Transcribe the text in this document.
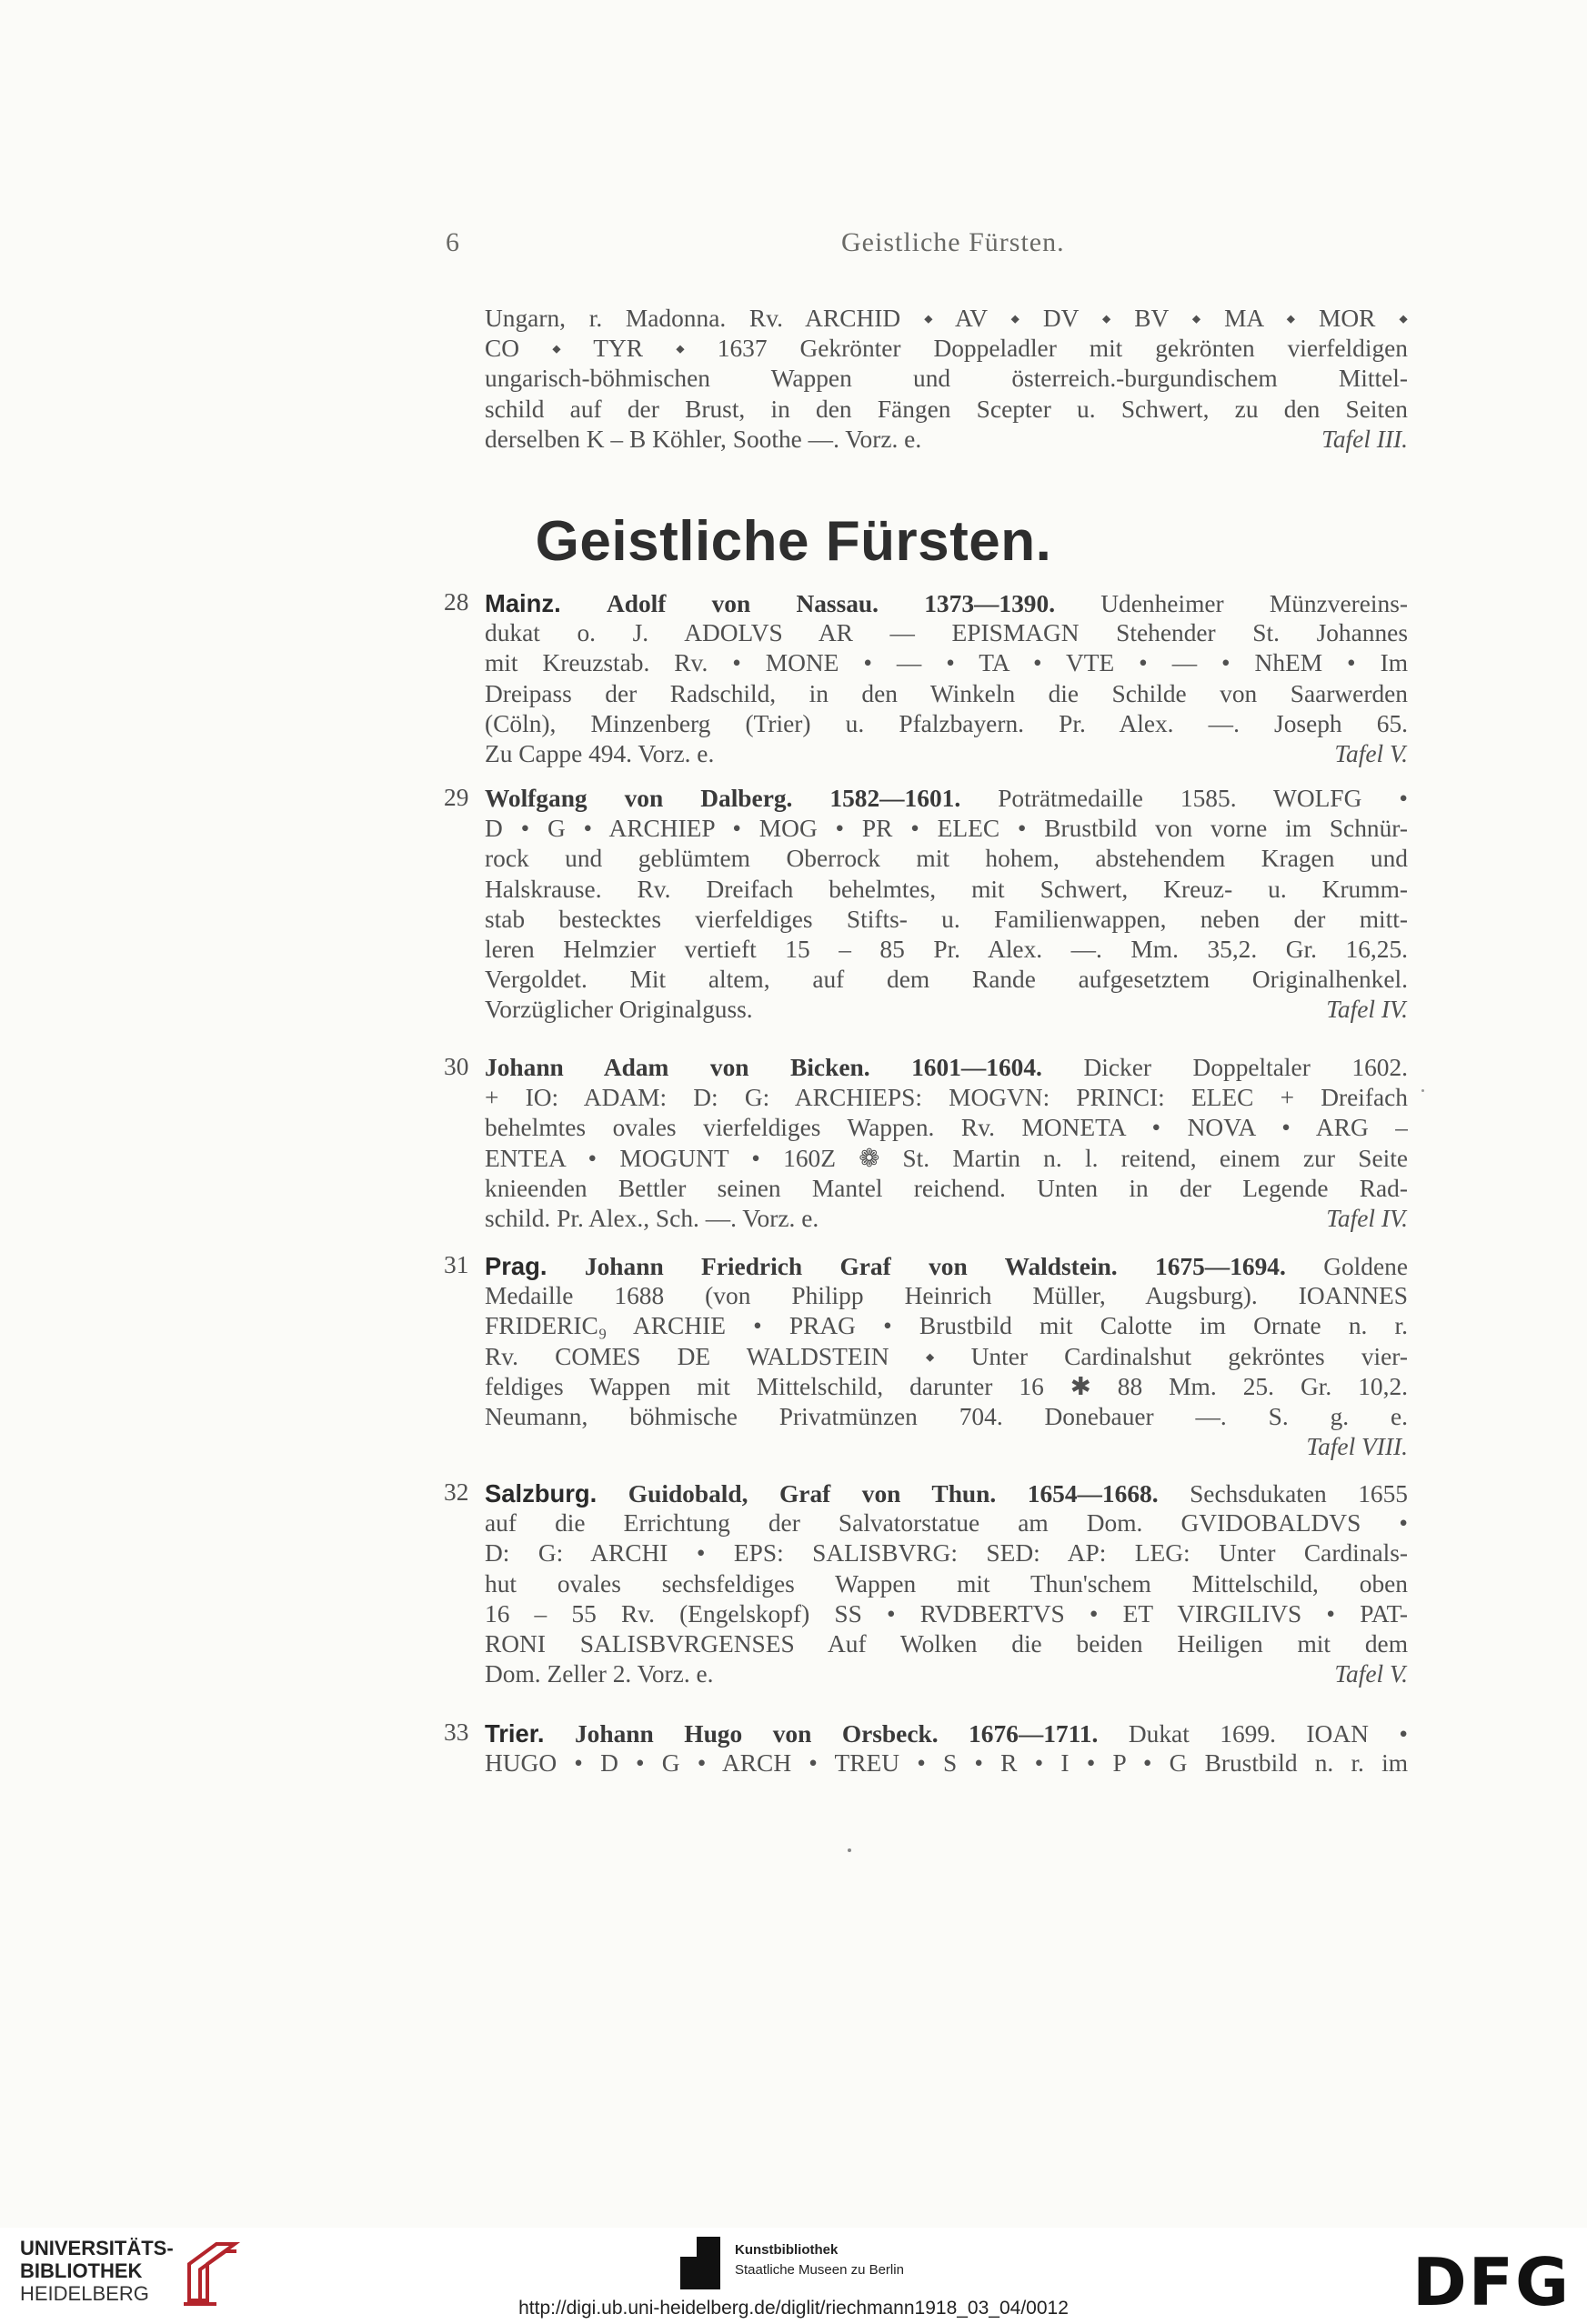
6	Geistliche Fürsten.
Ungarn, r. Madonna. Rv. ARCHID ⬩ AV ⬩ DV ⬩ BV ⬩ MA ⬩ MOR ⬩
CO ⬩ TYR ⬩ 1637 Gekrönter Doppeladler mit gekrönten vierfeldigen
ungarisch-böhmischen Wappen und österreich.-burgundischem Mittel-
schild auf der Brust, in den Fängen Scepter u. Schwert, zu den Seiten
derselben K – B Köhler, Soothe —. Vorz. e.	Tafel III.
Geistliche Fürsten.
28 Mainz. Adolf von Nassau. 1373—1390. Udenheimer Münzvereins-
dukat o. J. ADOLVS AR — EPISMAGN Stehender St. Johannes
mit Kreuzstab. Rv. • MONE • — • TA • VTE • — • NhEM • Im
Dreipass der Radschild, in den Winkeln die Schilde von Saarwerden
(Cöln), Minzenberg (Trier) u. Pfalzbayern. Pr. Alex. —. Joseph 65.
Zu Cappe 494. Vorz. e.	Tafel V.
29 Wolfgang von Dalberg. 1582—1601. Poträtmedaille 1585. WOLFG •
D • G • ARCHIEP • MOG • PR • ELEC • Brustbild von vorne im Schnür-
rock und geblümtem Oberrock mit hohem, abstehendem Kragen und
Halskrause. Rv. Dreifach behelmtes, mit Schwert, Kreuz- u. Krumm-
stab bestecktes vierfeldiges Stifts- u. Familienwappen, neben der mitt-
leren Helmzier vertieft 15 – 85 Pr. Alex. —. Mm. 35,2. Gr. 16,25.
Vergoldet. Mit altem, auf dem Rande aufgesetztem Originalhenkel.
Vorzüglicher Originalguss.	Tafel IV.
30 Johann Adam von Bicken. 1601—1604. Dicker Doppeltaler 1602.
+ IO: ADAM: D: G: ARCHIEPS: MOGVN: PRINCI: ELEC + Dreifach
behelmtes ovales vierfeldiges Wappen. Rv. MONETA • NOVA • ARG –
ENTEA • MOGUNT • 160Z ❁ St. Martin n. l. reitend, einem zur Seite
knieenden Bettler seinen Mantel reichend. Unten in der Legende Rad-
schild. Pr. Alex., Sch. —. Vorz. e.	Tafel IV.
31 Prag. Johann Friedrich Graf von Waldstein. 1675—1694. Goldene
Medaille 1688 (von Philipp Heinrich Müller, Augsburg). IOANNES
FRIDERIC₉ ARCHIE • PRAG • Brustbild mit Calotte im Ornate n. r.
Rv. COMES DE WALDSTEIN ⬩ Unter Cardinalshut gekröntes vier-
feldiges Wappen mit Mittelschild, darunter 16 ✱ 88 Mm. 25. Gr. 10,2.
Neumann, böhmische Privatmünzen 704. Donebauer —. S. g. e.
Tafel VIII.
32 Salzburg. Guidobald, Graf von Thun. 1654—1668. Sechsdukaten 1655
auf die Errichtung der Salvatorstatue am Dom. GVIDOBALDVS •
D: G: ARCHI • EPS: SALISBVRG: SED: AP: LEG: Unter Cardinals-
hut ovales sechsfeldiges Wappen mit Thun'schem Mittelschild, oben
16 – 55 Rv. (Engelskopf) SS • RVDBERTVS • ET VIRGILIVS • PAT-
RONI SALISBVRGENSES Auf Wolken die beiden Heiligen mit dem
Dom. Zeller 2. Vorz. e.	Tafel V.
33 Trier. Johann Hugo von Orsbeck. 1676—1711. Dukat 1699. IOAN •
HUGO • D • G • ARCH • TREU • S • R • I • P • G Brustbild n. r. im
UNIVERSITÄTS-
BIBLIOTHEK
HEIDELBERG
Kunstbibliothek
Staatliche Museen zu Berlin	DFG
http://digi.ub.uni-heidelberg.de/diglit/riechmann1918_03_04/0012
